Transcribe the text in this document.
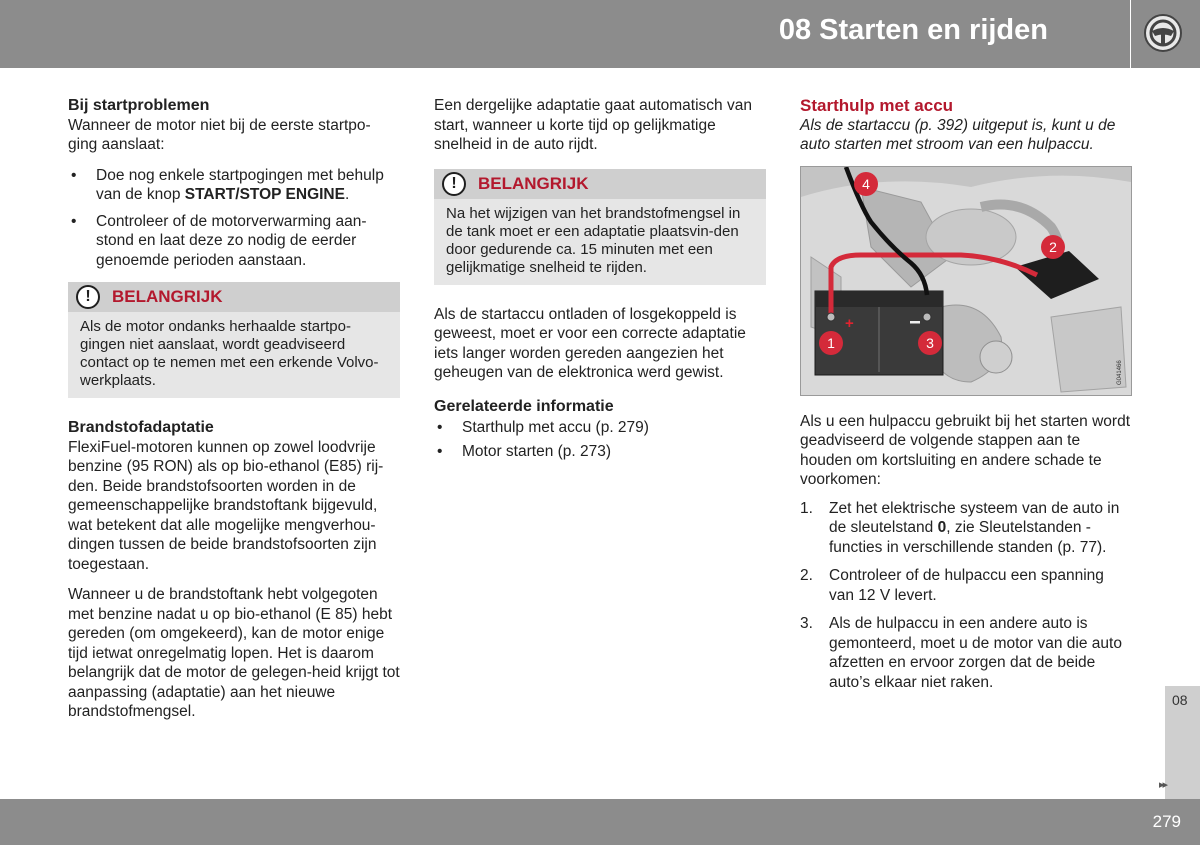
08 Starten en rijden
Bij startproblemen

Wanneer de motor niet bij de eerste startpo-
ging aanslaat:

• Doe nog enkele startpogingen met behulp van de knop START/STOP ENGINE.
• Controleer of de motorverwarming aan-stond en laat deze zo nodig de eerder genoemde perioden aanstaan.
!	BELANGRIJK
Als de motor ondanks herhaalde startpo-gingen niet aanslaat, wordt geadviseerd contact op te nemen met een erkende Volvo-werkplaats.
Brandstofadaptatie

FlexiFuel-motoren kunnen op zowel loodvrije benzine (95 RON) als op bio-ethanol (E85) rij-den. Beide brandstofsoorten worden in de gemeenschappelijke brandstoftank bijgevuld, wat betekent dat alle mogelijke mengverhou-dingen tussen de beide brandstofsoorten zijn toegestaan.

Wanneer u de brandstoftank hebt volgegoten met benzine nadat u op bio-ethanol (E 85) hebt gereden (om omgekeerd), kan de motor enige tijd ietwat onregelmatig lopen. Het is daarom belangrijk dat de motor de gelegen-heid krijgt tot aanpassing (adaptatie) aan het nieuwe brandstofmengsel.

Een dergelijke adaptatie gaat automatisch van start, wanneer u korte tijd op gelijkmatige snelheid in de auto rijdt.

!	BELANGRIJK
Na het wijzigen van het brandstofmengsel in de tank moet er een adaptatie plaatsvin-den door gedurende ca. 15 minuten met een gelijkmatige snelheid te rijden.

Als de startaccu ontladen of losgekoppeld is geweest, moet er voor een correcte adaptatie iets langer worden gereden aangezien het geheugen van de elektronica werd gewist.

Gerelateerde informatie
• Starthulp met accu (p. 279)
• Motor starten (p. 273)
Starthulp met accu

Als de startaccu (p. 392) uitgeput is, kunt u de auto starten met stroom van een hulpaccu.

+
1
2
3
4
G041466

Als u een hulpaccu gebruikt bij het starten wordt geadviseerd de volgende stappen aan te houden om kortsluiting en andere schade te voorkomen:

1. Zet het elektrische systeem van de auto in de sleutelstand 0, zie Sleutelstanden - functies in verschillende standen (p. 77).
2. Controleer of de hulpaccu een spanning van 12 V levert.
3. Als de hulpaccu in een andere auto is gemonteerd, moet u de motor van die auto afzetten en ervoor zorgen dat de beide auto’s elkaar niet raken.
08
▸▸
279
